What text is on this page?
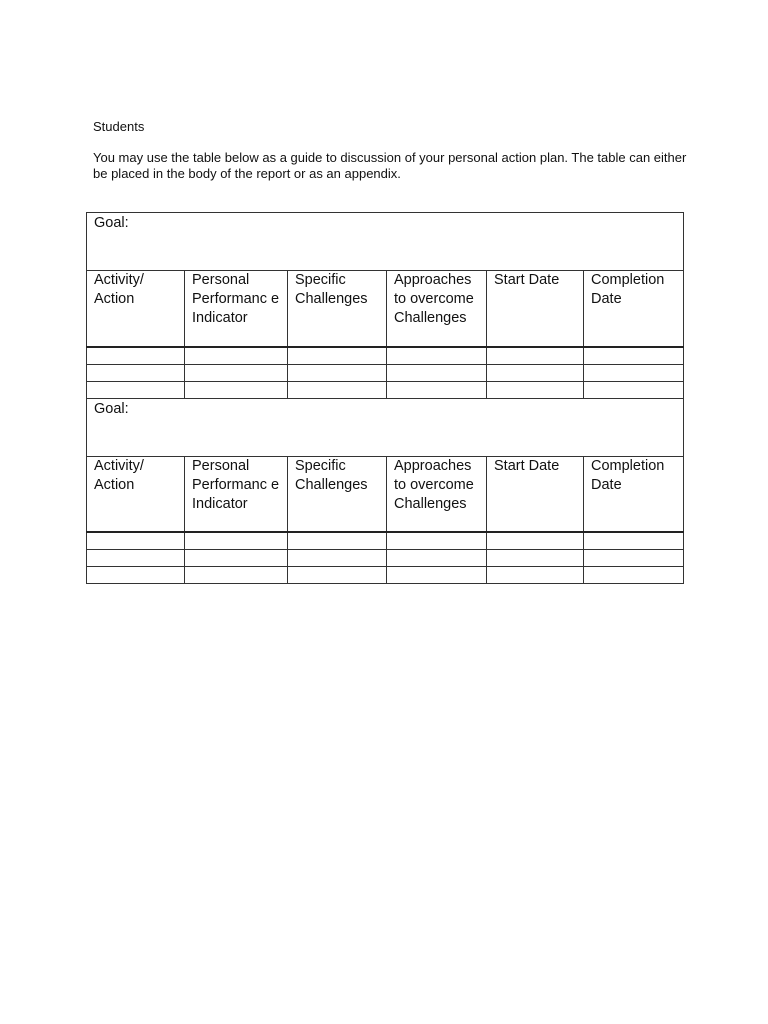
Students
You may use the table below as a guide to discussion of your personal action plan. The table can either be placed in the body of the report or as an appendix.
Goal:					
Activity/ Action	Personal Performanc e Indicator	Specific Challenges	Approaches to overcome Challenges	Start Date	Completion Date

Goal:					
Activity/ Action	Personal Performanc e Indicator	Specific Challenges	Approaches to overcome Challenges	Start Date	Completion Date
